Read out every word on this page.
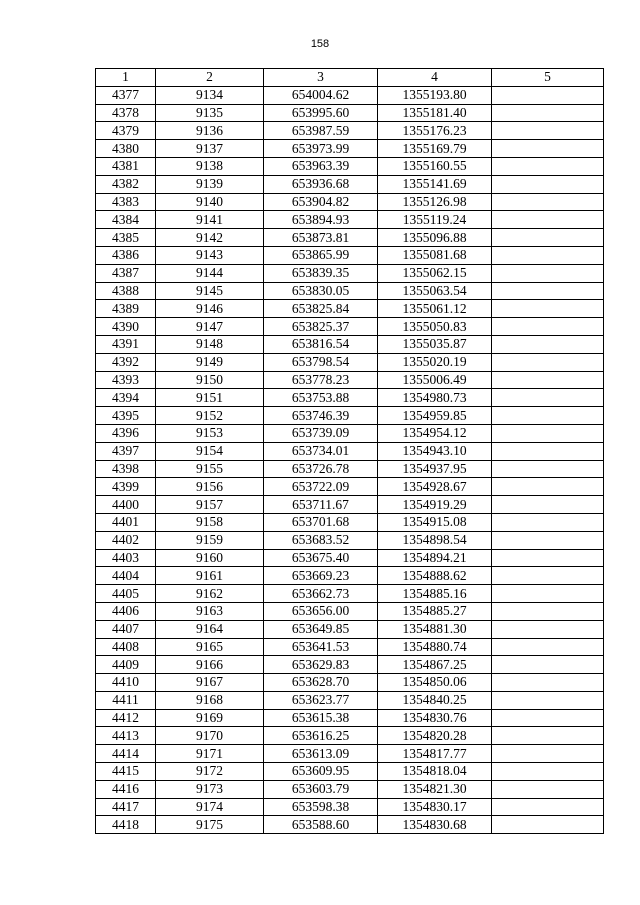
158
1	2	3	4	5
4377	9134	654004.62	1355193.80	
4378	9135	653995.60	1355181.40	
4379	9136	653987.59	1355176.23	
4380	9137	653973.99	1355169.79	
4381	9138	653963.39	1355160.55	
4382	9139	653936.68	1355141.69	
4383	9140	653904.82	1355126.98	
4384	9141	653894.93	1355119.24	
4385	9142	653873.81	1355096.88	
4386	9143	653865.99	1355081.68	
4387	9144	653839.35	1355062.15	
4388	9145	653830.05	1355063.54	
4389	9146	653825.84	1355061.12	
4390	9147	653825.37	1355050.83	
4391	9148	653816.54	1355035.87	
4392	9149	653798.54	1355020.19	
4393	9150	653778.23	1355006.49	
4394	9151	653753.88	1354980.73	
4395	9152	653746.39	1354959.85	
4396	9153	653739.09	1354954.12	
4397	9154	653734.01	1354943.10	
4398	9155	653726.78	1354937.95	
4399	9156	653722.09	1354928.67	
4400	9157	653711.67	1354919.29	
4401	9158	653701.68	1354915.08	
4402	9159	653683.52	1354898.54	
4403	9160	653675.40	1354894.21	
4404	9161	653669.23	1354888.62	
4405	9162	653662.73	1354885.16	
4406	9163	653656.00	1354885.27	
4407	9164	653649.85	1354881.30	
4408	9165	653641.53	1354880.74	
4409	9166	653629.83	1354867.25	
4410	9167	653628.70	1354850.06	
4411	9168	653623.77	1354840.25	
4412	9169	653615.38	1354830.76	
4413	9170	653616.25	1354820.28	
4414	9171	653613.09	1354817.77	
4415	9172	653609.95	1354818.04	
4416	9173	653603.79	1354821.30	
4417	9174	653598.38	1354830.17	
4418	9175	653588.60	1354830.68	
